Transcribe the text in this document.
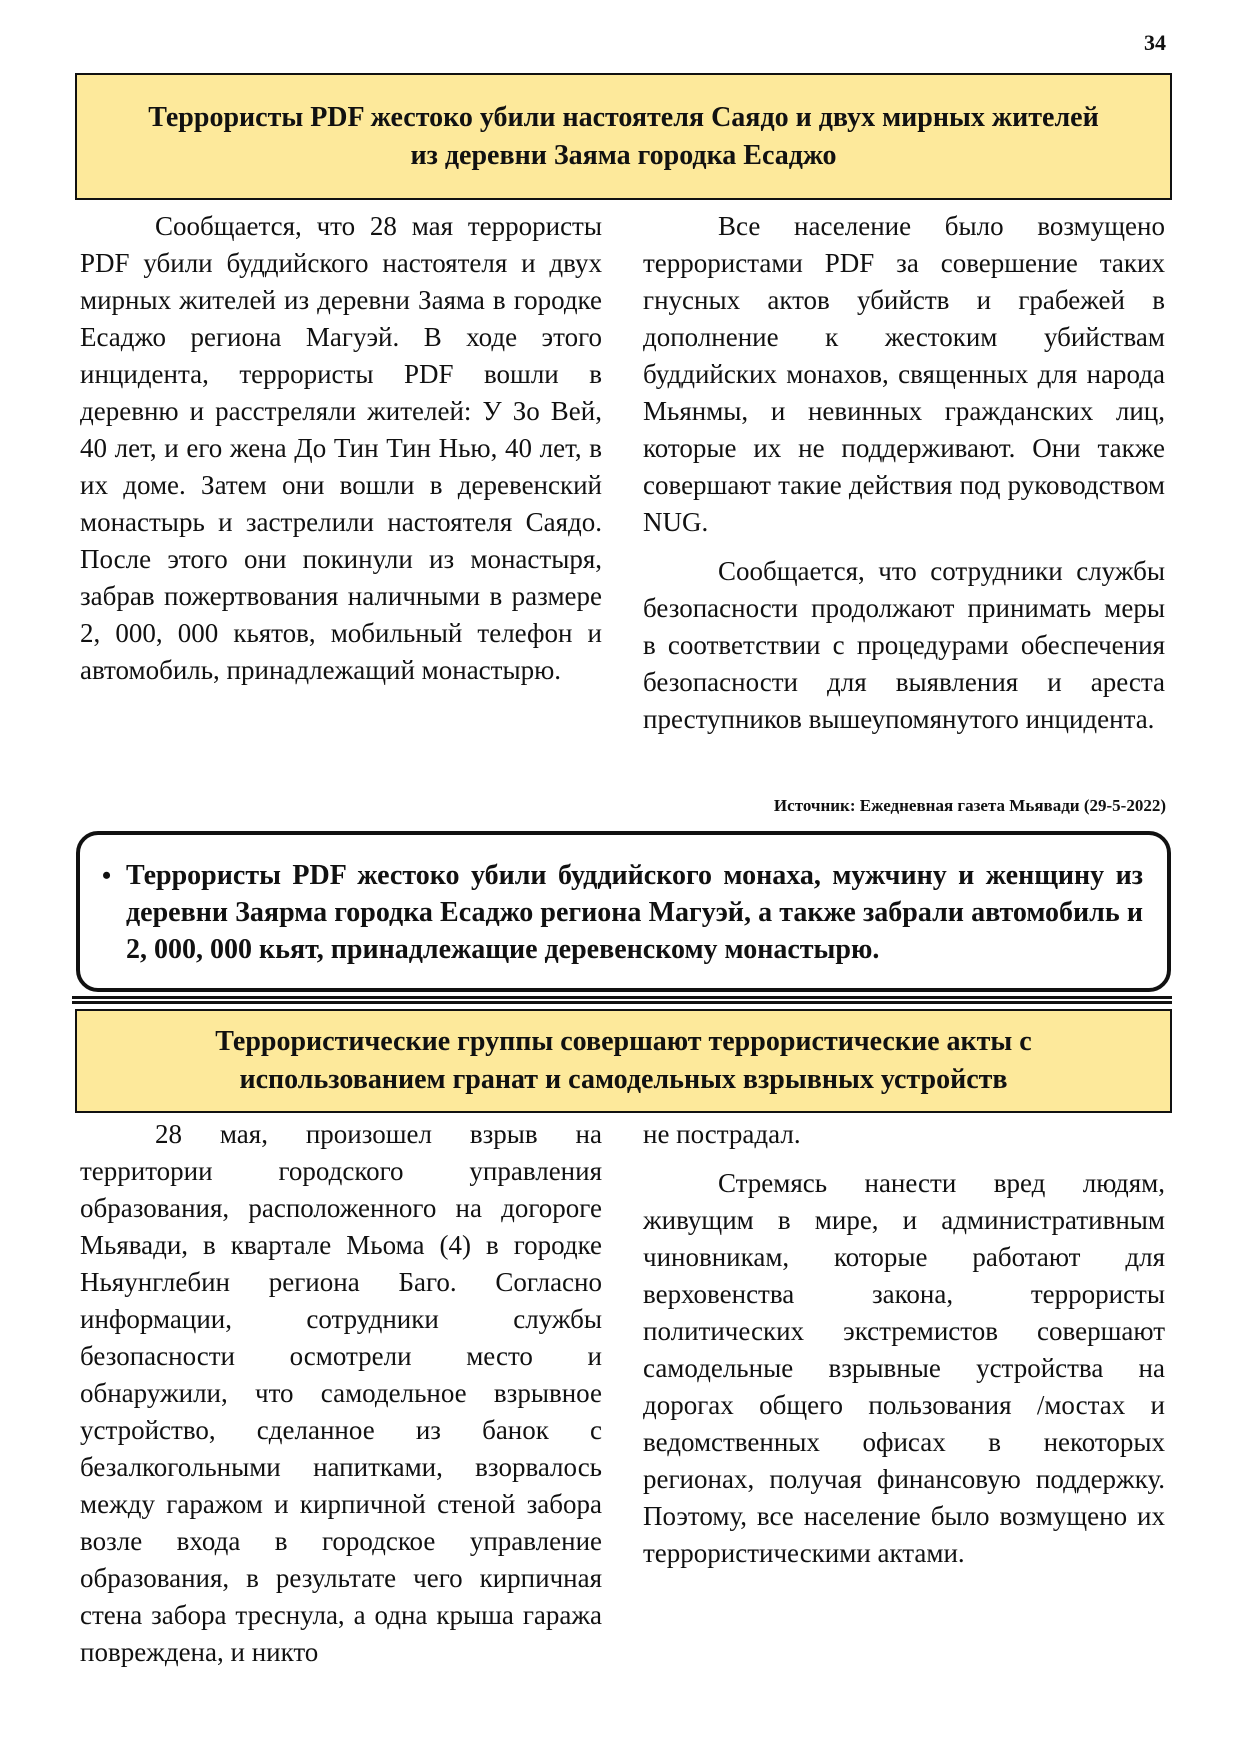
34
Террористы PDF жестоко убили настоятеля Саядо и двух мирных жителей
из деревни Заяма городка Есаджо

Сообщается, что 28 мая террористы PDF убили буддийского настоятеля и двух мирных жителей из деревни Заяма в городке Есаджо региона Магуэй. В ходе этого инцидента, террористы PDF вошли в деревню и расстреляли жителей: У Зо Вей, 40 лет, и его жена До Тин Тин Нью, 40 лет, в их доме. Затем они вошли в деревенский монастырь и застрелили настоятеля Саядо. После этого они покинули из монастыря, забрав пожертвования наличными в размере 2, 000, 000 кьятов, мобильный телефон и автомобиль, принадлежащий монастырю.

Все население было возмущено террористами PDF за совершение таких гнусных актов убийств и грабежей в дополнение к жестоким убийствам буддийских монахов, священных для народа Мьянмы, и невинных гражданских лиц, которые их не поддерживают. Они также совершают такие действия под руководством NUG.

Сообщается, что сотрудники службы безопасности продолжают принимать меры в соответствии с процедурами обеспечения безопасности для выявления и ареста преступников вышеупомянутого инцидента.

Источник: Ежедневная газета Мьявади (29-5-2022)
• Террористы PDF жестоко убили буддийского монаха, мужчину и женщину из деревни Заярма городка Есаджо региона Магуэй, а также забрали автомобиль и 2, 000, 000 кьят, принадлежащие деревенскому монастырю.
Террористические группы совершают террористические акты с
использованием гранат и самодельных взрывных устройств

28 мая, произошел взрыв на территории городского управления образования, расположенного на догороге Мьявади, в квартале Мьома (4) в городке Ньяунглебин региона Баго. Согласно информации, сотрудники службы безопасности осмотрели место и обнаружили, что самодельное взрывное устройство, сделанное из банок с безалкогольными напитками, взорвалось между гаражом и кирпичной стеной забора возле входа в городское управление образования, в результате чего кирпичная стена забора треснула, а одна крыша гаража повреждена, и никто

не пострадал.

Стремясь нанести вред людям, живущим в мире, и административным чиновникам, которые работают для верховенства закона, террористы политических экстремистов совершают самодельные взрывные устройства на дорогах общего пользования /мостах и ведомственных офисах в некоторых регионах, получая финансовую поддержку. Поэтому, все население было возмущено их террористическими актами.
